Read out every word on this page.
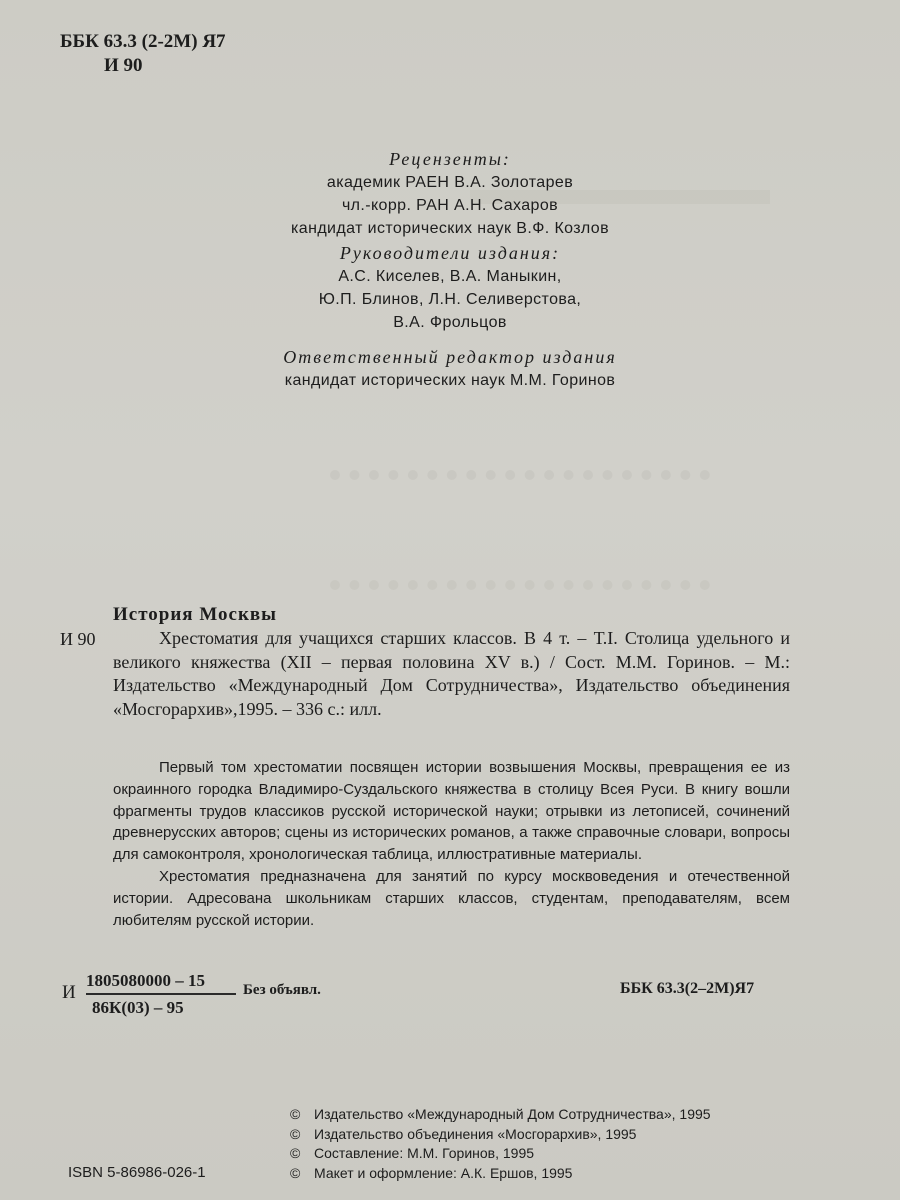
ББК 63.3 (2-2М) Я7
И 90
Рецензенты:
академик РАЕН В.А. Золотарев
чл.-корр. РАН А.Н. Сахаров
кандидат исторических наук В.Ф. Козлов
Руководители издания:
А.С. Киселев, В.А. Маныкин,
Ю.П. Блинов, Л.Н. Селиверстова,
В.А. Фрольцов
Ответственный редактор издания
кандидат исторических наук М.М. Горинов
История Москвы
И 90	Хрестоматия для учащихся старших классов. В 4 т. – Т.I. Столица удельного и великого княжества (XII – первая половина XV в.) / Сост. М.М. Горинов. – М.: Издательство «Международный Дом Сотрудничества», Издательство объединения «Мосгорархив»,1995. – 336 с.: илл.

Первый том хрестоматии посвящен истории возвышения Москвы, превращения ее из окраинного городка Владимиро-Суздальского княжества в столицу Всея Руси. В книгу вошли фрагменты трудов классиков русской исторической науки; отрывки из летописей, сочинений древнерусских авторов; сцены из исторических романов, а также справочные словари, вопросы для самоконтроля, хронологическая таблица, иллюстративные материалы.

Хрестоматия предназначена для занятий по курсу москвоведения и отечественной истории. Адресована школьникам старших классов, студентам, преподавателям, всем любителям русской истории.

И
1805080000 – 15
86К(03) – 95
Без объявл.	ББК 63.3(2–2М)Я7
© Издательство «Международный Дом Сотрудничества», 1995
© Издательство объединения «Мосгорархив», 1995
© Составление: М.М. Горинов, 1995
© Макет и оформление: А.К. Ершов, 1995
ISBN 5-86986-026-1
